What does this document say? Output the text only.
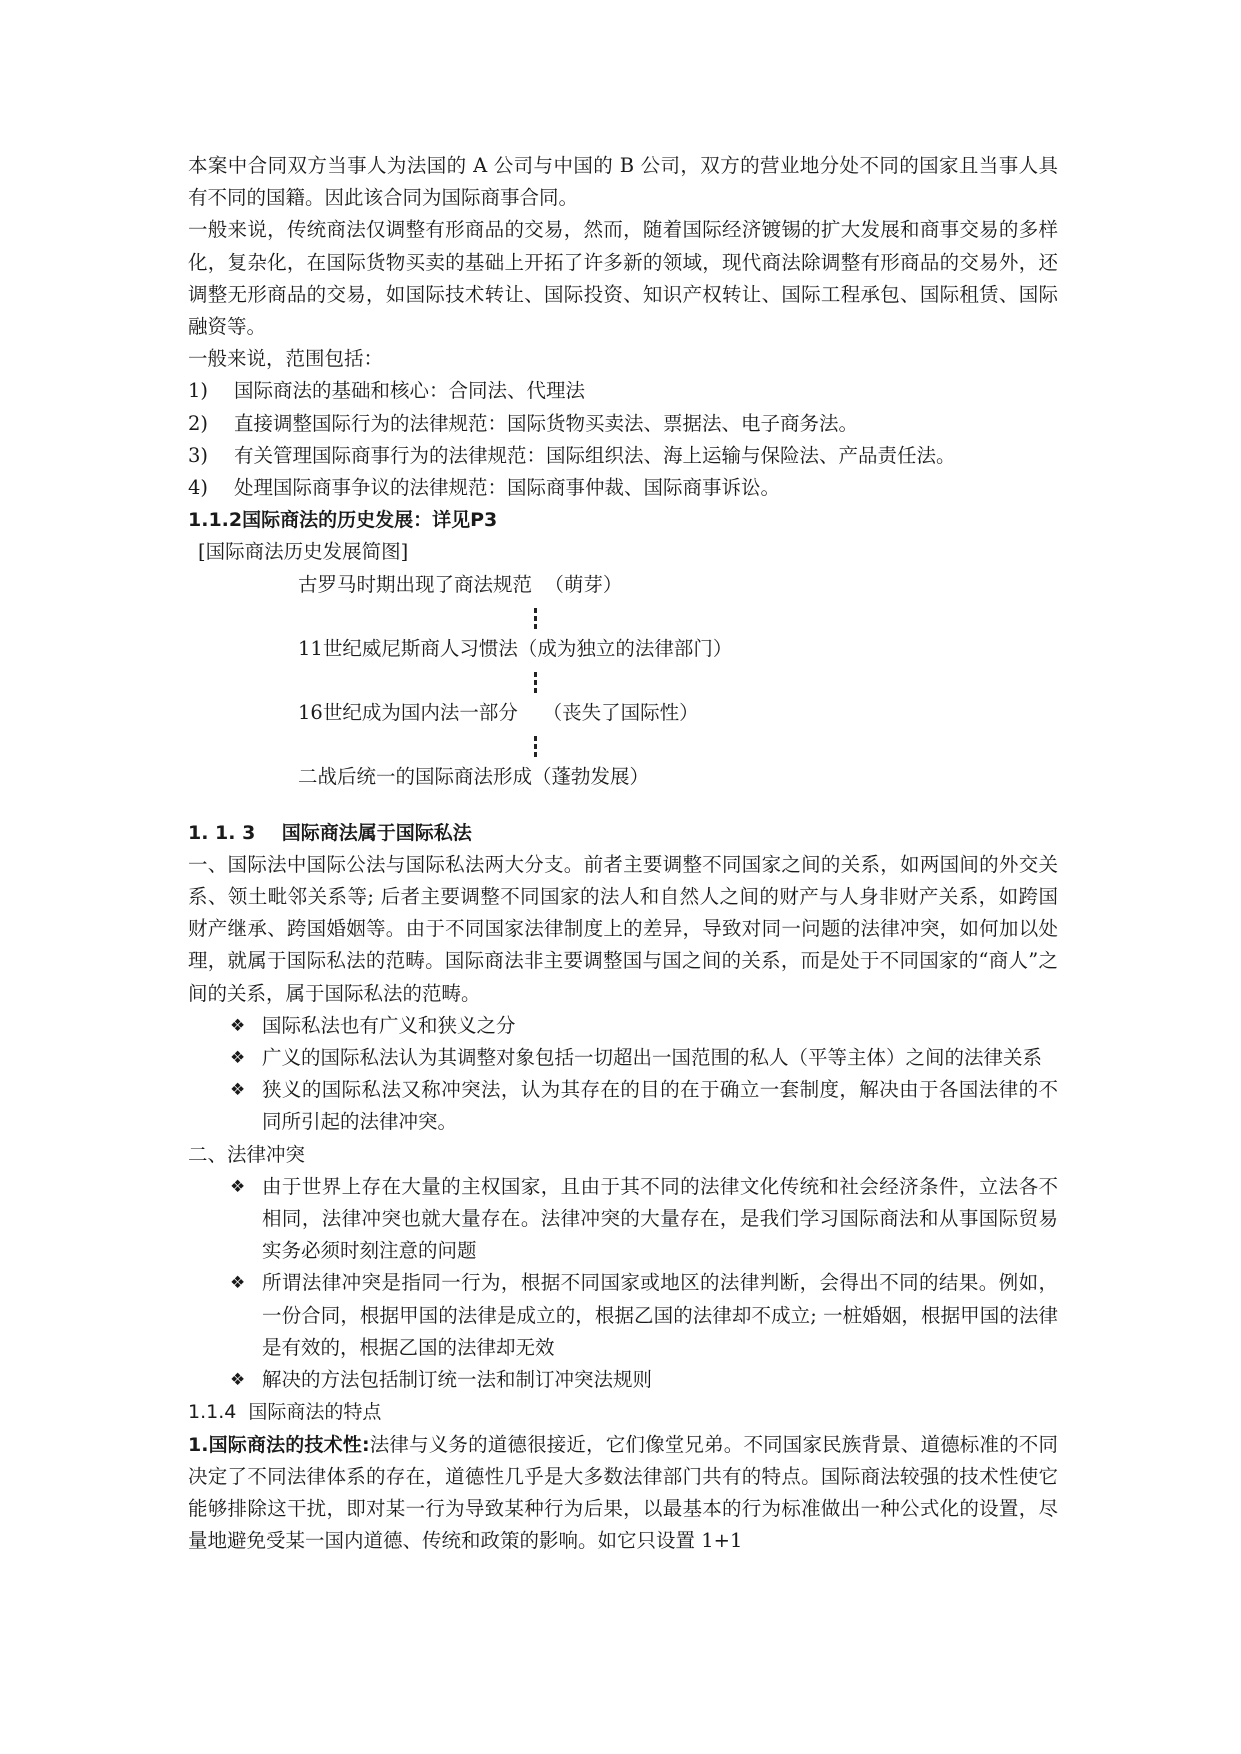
本案中合同双方当事人为法国的 A 公司与中国的 B 公司，双方的营业地分处不同的国家且当事人具有不同的国籍。因此该合同为国际商事合同。

一般来说，传统商法仅调整有形商品的交易，然而，随着国际经济镀锡的扩大发展和商事交易的多样化，复杂化，在国际货物买卖的基础上开拓了许多新的领域，现代商法除调整有形商品的交易外，还调整无形商品的交易，如国际技术转让、国际投资、知识产权转让、国际工程承包、国际租赁、国际融资等。

一般来说，范围包括：

1)	国际商法的基础和核心：合同法、代理法
2)	直接调整国际行为的法律规范：国际货物买卖法、票据法、电子商务法。
3)	有关管理国际商事行为的法律规范：国际组织法、海上运输与保险法、产品责任法。
4)	处理国际商事争议的法律规范：国际商事仲裁、国际商事诉讼。

1.1.2国际商法的历史发展：详见P3

[国际商法历史发展简图]

古罗马时期出现了商法规范  （萌芽）
11世纪威尼斯商人习惯法（成为独立的法律部门）
16世纪成为国内法一部分    （丧失了国际性）
二战后统一的国际商法形成（蓬勃发展）

1. 1. 3    国际商法属于国际私法

一、国际法中国际公法与国际私法两大分支。前者主要调整不同国家之间的关系，如两国间的外交关系、领土毗邻关系等; 后者主要调整不同国家的法人和自然人之间的财产与人身非财产关系，如跨国财产继承、跨国婚姻等。由于不同国家法律制度上的差异，导致对同一问题的法律冲突，如何加以处理，就属于国际私法的范畴。国际商法非主要调整国与国之间的关系，而是处于不同国家的“商人”之间的关系，属于国际私法的范畴。

❖ 国际私法也有广义和狭义之分
❖ 广义的国际私法认为其调整对象包括一切超出一国范围的私人（平等主体）之间的法律关系
❖ 狭义的国际私法又称冲突法，认为其存在的目的在于确立一套制度，解决由于各国法律的不同所引起的法律冲突。

二、法律冲突

❖ 由于世界上存在大量的主权国家，且由于其不同的法律文化传统和社会经济条件，立法各不相同，法律冲突也就大量存在。法律冲突的大量存在，是我们学习国际商法和从事国际贸易实务必须时刻注意的问题
❖ 所谓法律冲突是指同一行为，根据不同国家或地区的法律判断，会得出不同的结果。例如，一份合同，根据甲国的法律是成立的，根据乙国的法律却不成立; 一桩婚姻，根据甲国的法律是有效的，根据乙国的法律却无效
❖ 解决的方法包括制订统一法和制订冲突法规则

1.1.4  国际商法的特点

1.国际商法的技术性:法律与义务的道德很接近，它们像堂兄弟。不同国家民族背景、道德标准的不同决定了不同法律体系的存在，道德性几乎是大多数法律部门共有的特点。国际商法较强的技术性使它能够排除这干扰，即对某一行为导致某种行为后果，以最基本的行为标准做出一种公式化的设置，尽量地避免受某一国内道德、传统和政策的影响。如它只设置 1+1
